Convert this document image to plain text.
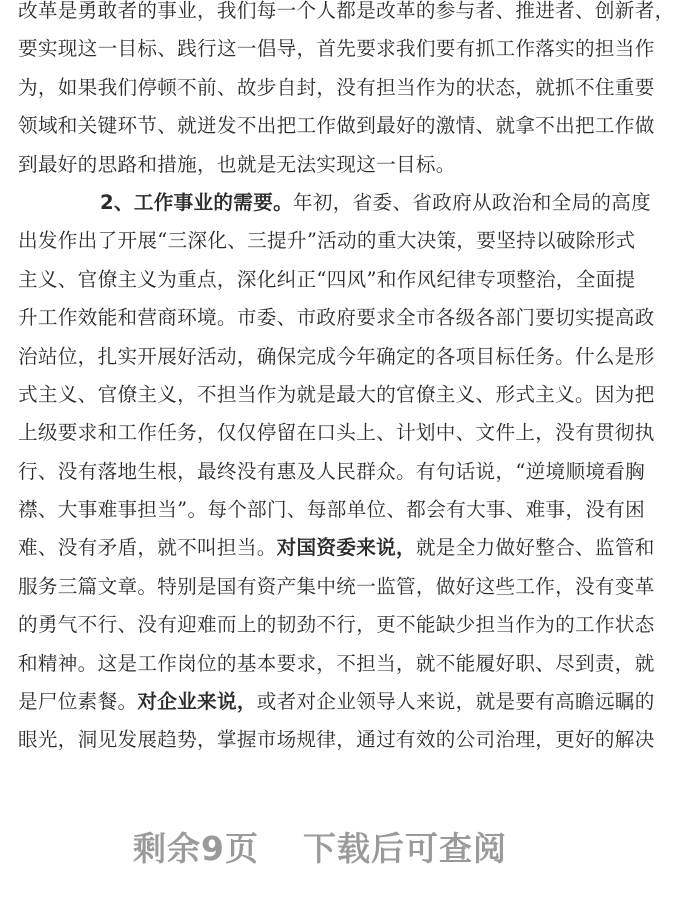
改革是勇敢者的事业，我们每一个人都是改革的参与者、推进者、创新者，
要实现这一目标、践行这一倡导，首先要求我们要有抓工作落实的担当作
为，如果我们停顿不前、故步自封，没有担当作为的状态，就抓不住重要
领域和关键环节、就迸发不出把工作做到最好的激情、就拿不出把工作做
到最好的思路和措施，也就是无法实现这一目标。
2、工作事业的需要。年初，省委、省政府从政治和全局的高度
出发作出了开展“三深化、三提升”活动的重大决策，要坚持以破除形式
主义、官僚主义为重点，深化纠正“四风”和作风纪律专项整治，全面提
升工作效能和营商环境。市委、市政府要求全市各级各部门要切实提高政
治站位，扎实开展好活动，确保完成今年确定的各项目标任务。什么是形
式主义、官僚主义，不担当作为就是最大的官僚主义、形式主义。因为把
上级要求和工作任务，仅仅停留在口头上、计划中、文件上，没有贯彻执
行、没有落地生根，最终没有惠及人民群众。有句话说，“逆境顺境看胸
襟、大事难事担当”。每个部门、每部单位、都会有大事、难事，没有困
难、没有矛盾，就不叫担当。对国资委来说，就是全力做好整合、监管和
服务三篇文章。特别是国有资产集中统一监管，做好这些工作，没有变革
的勇气不行、没有迎难而上的韧劲不行，更不能缺少担当作为的工作状态
和精神。这是工作岗位的基本要求，不担当，就不能履好职、尽到责，就
是尸位素餐。对企业来说，或者对企业领导人来说，就是要有高瞻远瞩的
眼光，洞见发展趋势，掌握市场规律，通过有效的公司治理，更好的解决
剩余9页 下载后可查阅
